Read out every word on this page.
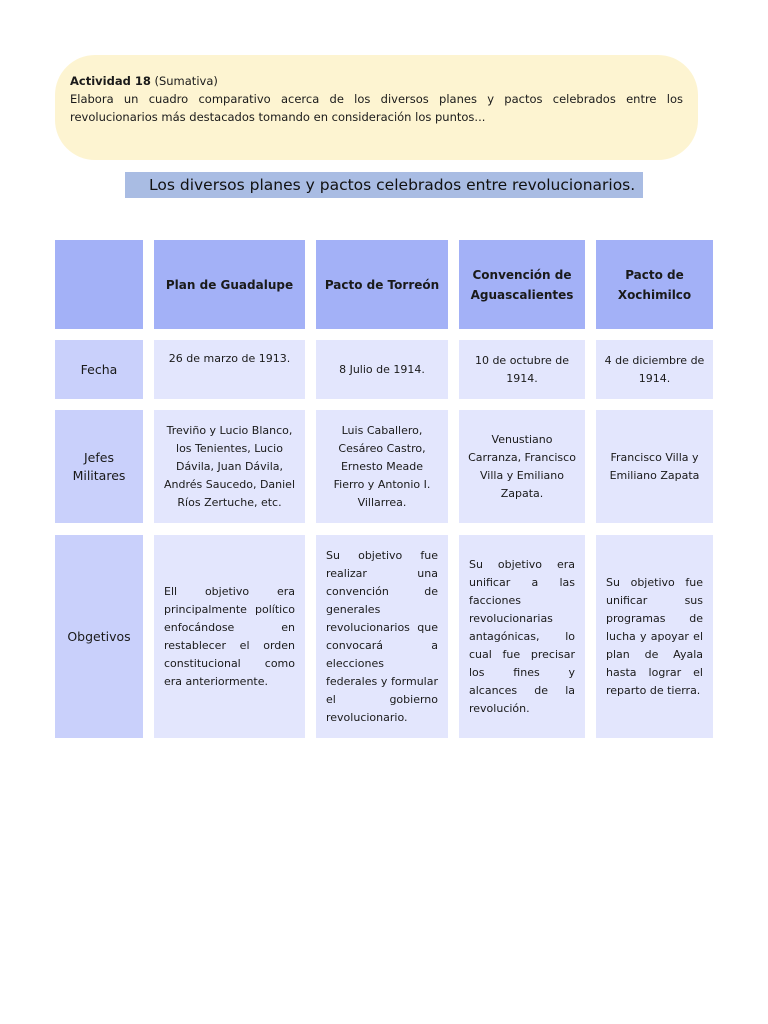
Actividad 18 (Sumativa)
Elabora un cuadro comparativo acerca de los diversos planes y pactos celebrados entre los revolucionarios más destacados tomando en consideración los puntos...
Los diversos planes y pactos celebrados entre revolucionarios.
Plan de Guadalupe	Pacto de Torreón
Convención de Aguascalientes
Pacto de Xochimilco
Fecha
26 de marzo de 1913.
8 Julio de 1914.
10 de octubre de 1914.
4 de diciembre de 1914.
Jefes Militares
Treviño y Lucio Blanco, los Tenientes, Lucio Dávila, Juan Dávila, Andrés Saucedo, Daniel Ríos Zertuche, etc.
Luis Caballero, Cesáreo Castro, Ernesto Meade Fierro y Antonio I. Villarrea.
Venustiano Carranza, Francisco Villa y Emiliano Zapata.
Francisco Villa y Emiliano Zapata
Obgetivos
Ell objetivo era principalmente político enfocándose en restablecer el orden constitucional como era anteriormente.
Su objetivo fue realizar una convención de generales revolucionarios que convocará a elecciones federales y formular el gobierno revolucionario.
Su objetivo era unificar a las facciones revolucionarias antagónicas, lo cual fue precisar los fines y alcances de la revolución.
Su objetivo fue unificar sus programas de lucha y apoyar el plan de Ayala hasta lograr el reparto de tierra.
